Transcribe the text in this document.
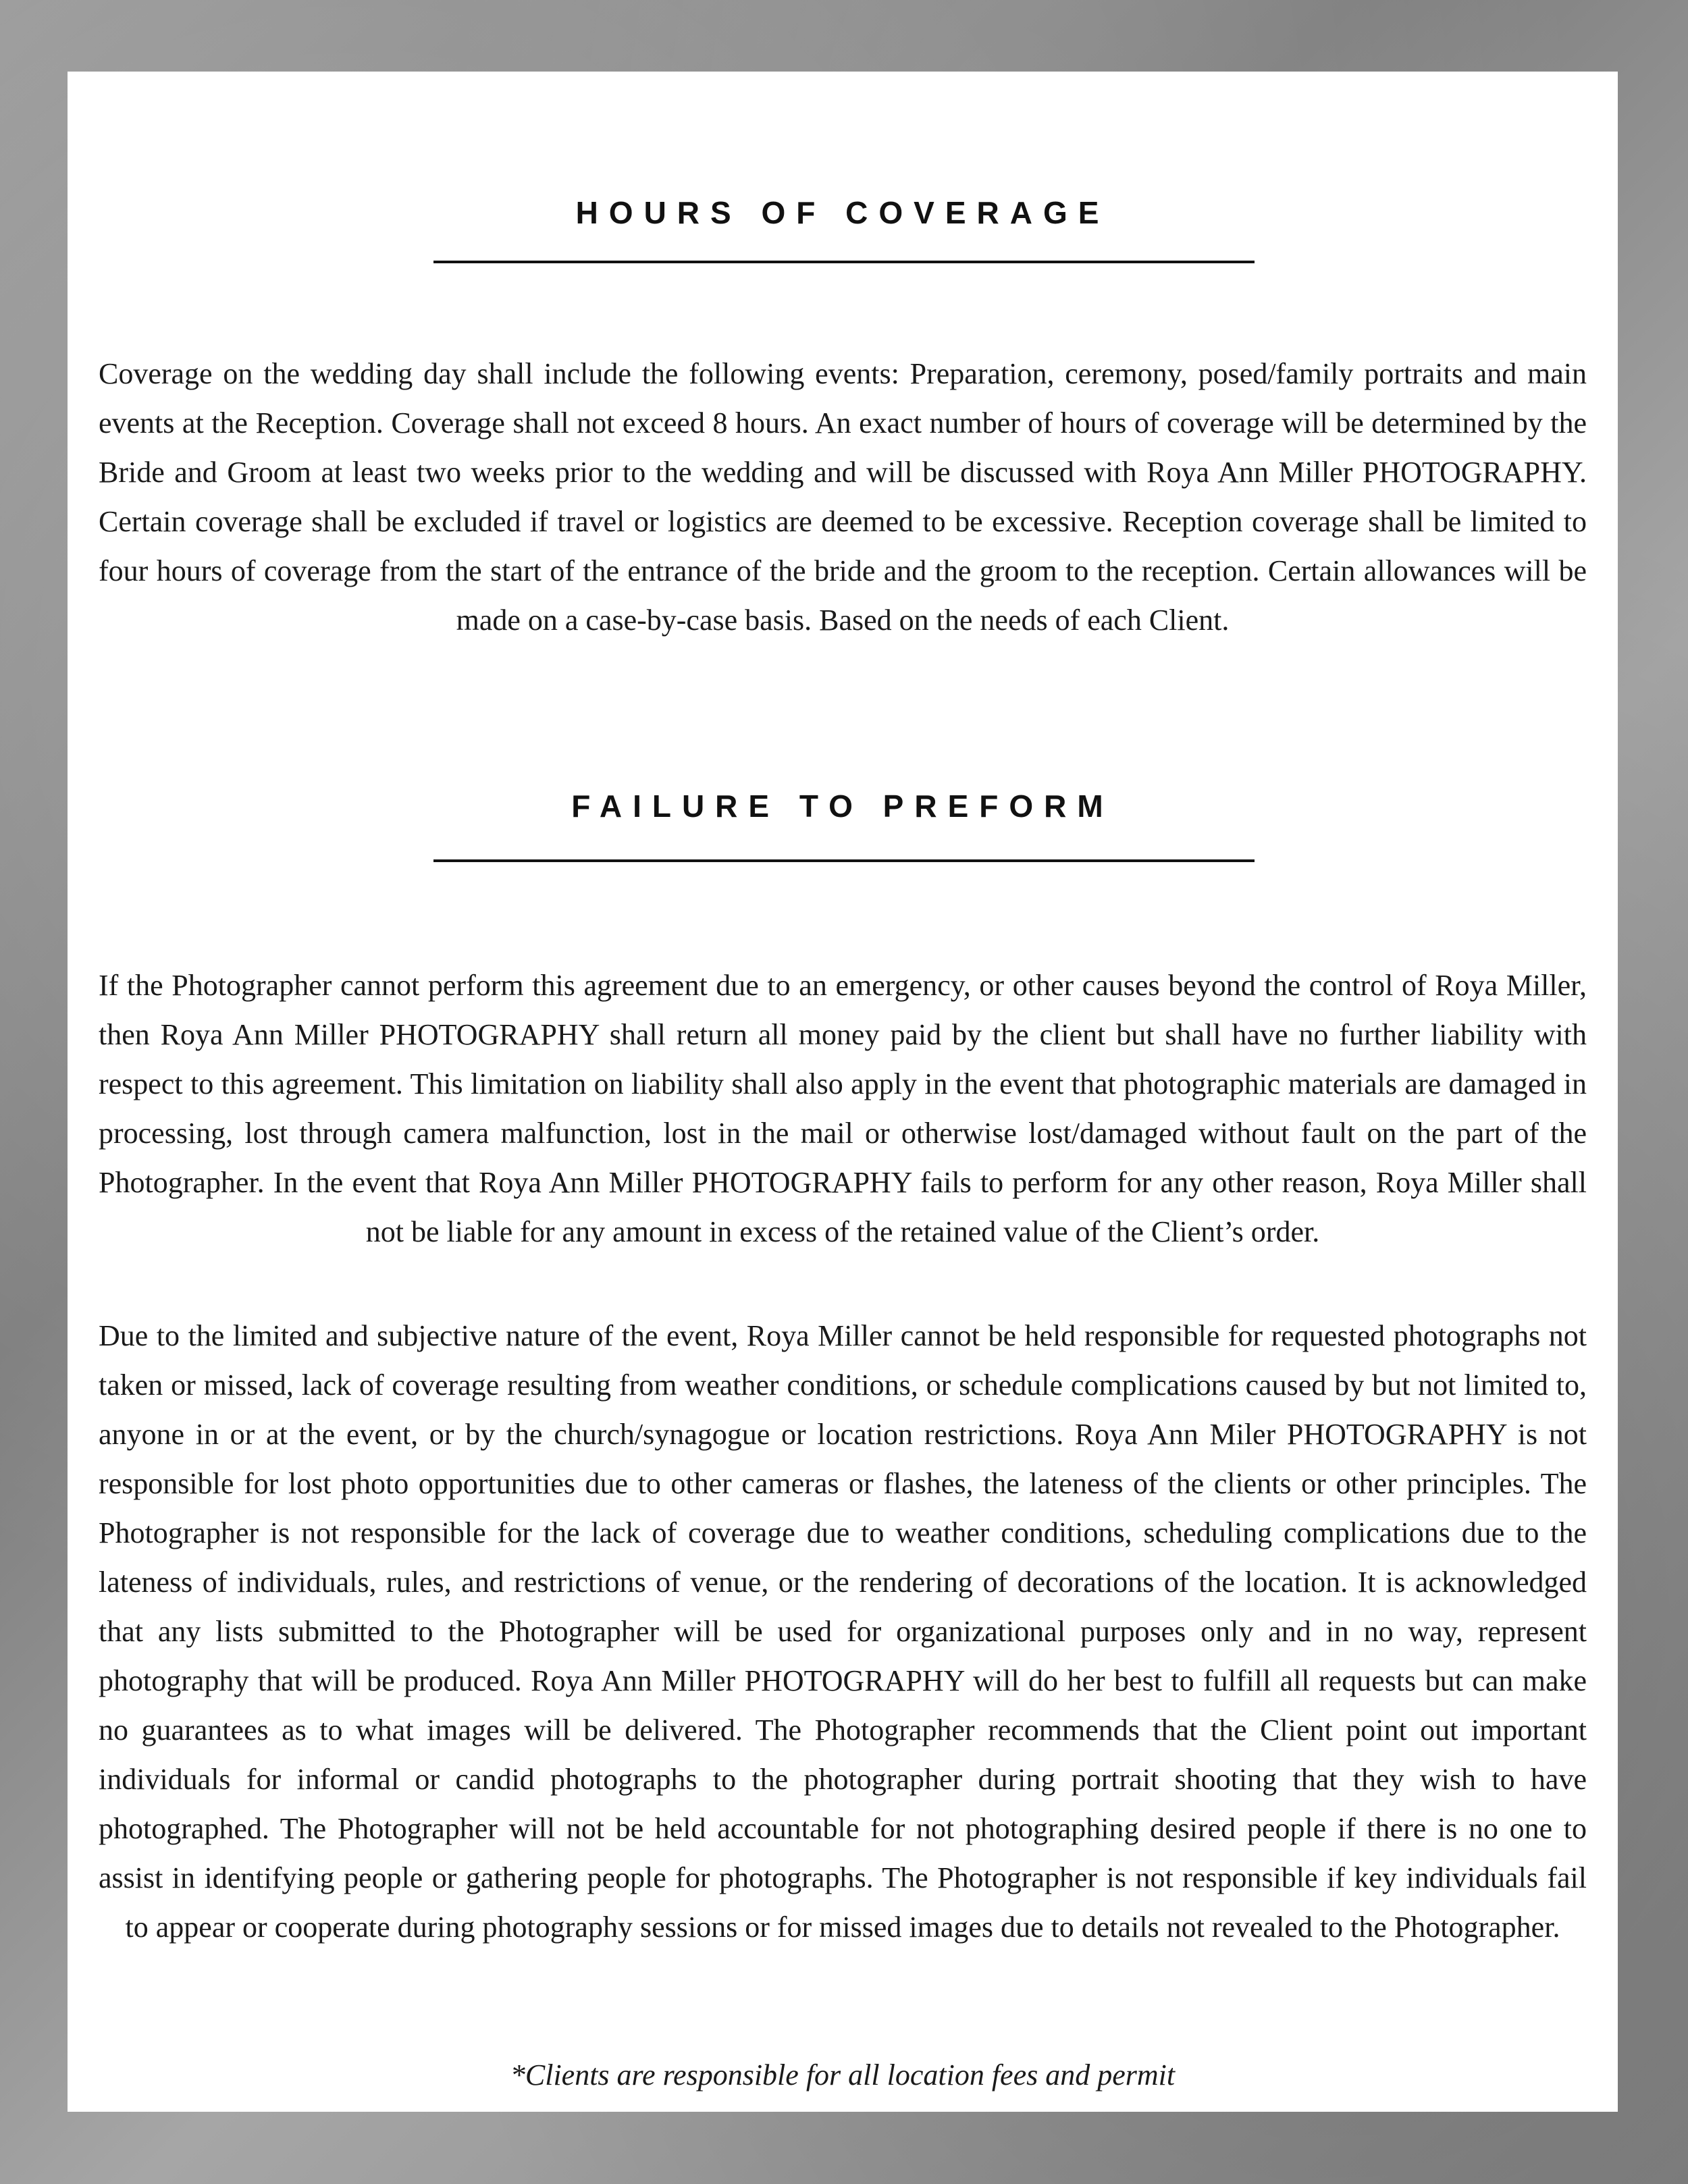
HOURS OF COVERAGE

Coverage on the wedding day shall include the following events: Preparation, ceremony, posed/family portraits and main events at the Reception. Coverage shall not exceed 8 hours. An exact number of hours of coverage will be determined by the Bride and Groom at least two weeks prior to the wedding and will be discussed with Roya Ann Miller PHOTOGRAPHY. Certain coverage shall be excluded if travel or logistics are deemed to be excessive. Reception coverage shall be limited to four hours of coverage from the start of the entrance of the bride and the groom to the reception. Certain allowances will be made on a case-by-case basis. Based on the needs of each Client.

FAILURE TO PREFORM

If the Photographer cannot perform this agreement due to an emergency, or other causes beyond the control of Roya Miller, then Roya Ann Miller PHOTOGRAPHY shall return all money paid by the client but shall have no further liability with respect to this agreement. This limitation on liability shall also apply in the event that photographic materials are damaged in processing, lost through camera malfunction, lost in the mail or otherwise lost/damaged without fault on the part of the Photographer. In the event that Roya Ann Miller PHOTOGRAPHY fails to perform for any other reason, Roya Miller shall not be liable for any amount in excess of the retained value of the Client’s order.

Due to the limited and subjective nature of the event, Roya Miller cannot be held responsible for requested photographs not taken or missed, lack of coverage resulting from weather conditions, or schedule complications caused by but not limited to, anyone in or at the event, or by the church/synagogue or location restrictions. Roya Ann Miler PHOTOGRAPHY is not responsible for lost photo opportunities due to other cameras or flashes, the lateness of the clients or other principles. The Photographer is not responsible for the lack of coverage due to weather conditions, scheduling complications due to the lateness of individuals, rules, and restrictions of venue, or the rendering of decorations of the location. It is acknowledged that any lists submitted to the Photographer will be used for organizational purposes only and in no way, represent photography that will be produced. Roya Ann Miller PHOTOGRAPHY will do her best to fulfill all requests but can make no guarantees as to what images will be delivered. The Photographer recommends that the Client point out important individuals for informal or candid photographs to the photographer during portrait shooting that they wish to have photographed. The Photographer will not be held accountable for not photographing desired people if there is no one to assist in identifying people or gathering people for photographs. The Photographer is not responsible if key individuals fail to appear or cooperate during photography sessions or for missed images due to details not revealed to the Photographer.

*Clients are responsible for all location fees and permit
